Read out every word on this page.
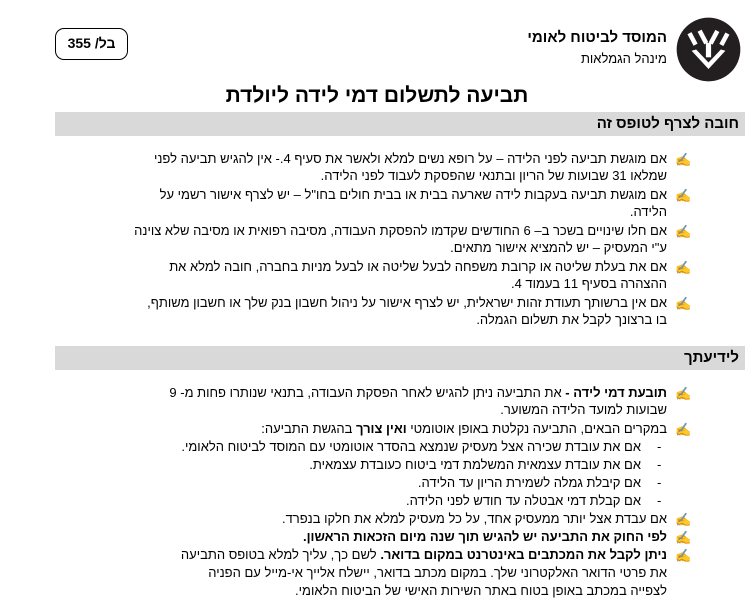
המוסד לביטוח לאומי
מינהל הגמלאות
בל/ 355
תביעה לתשלום דמי לידה ליולדת
חובה לצרף לטופס זה
✍
אם מוגשת תביעה לפני הלידה – על רופא נשים למלא ולאשר את סעיף 4.- אין להגיש תביעה לפני
שמלאו 31 שבועות של הריון ובתנאי שהפסקת לעבוד לפני הלידה.
✍
אם מוגשת תביעה בעקבות לידה שארעה בבית או בבית חולים בחו"ל – יש לצרף אישור רשמי על
הלידה.
✍
אם חלו שינויים בשכר ב– 6 החודשים שקדמו להפסקת העבודה, מסיבה רפואית או מסיבה שלא צוינה
ע"י המעסיק – יש להמציא אישור מתאים.
✍
אם את בעלת שליטה או קרובת משפחה לבעל שליטה או לבעל מניות בחברה, חובה למלא את
ההצהרה בסעיף 11 בעמוד 4.
✍
אם אין ברשותך תעודת זהות ישראלית, יש לצרף אישור על ניהול חשבון בנק שלך או חשבון משותף,
בו ברצונך לקבל את תשלום הגמלה.
לידיעתך
✍
תובעת דמי לידה - את התביעה ניתן להגיש לאחר הפסקת העבודה, בתנאי שנותרו פחות מ- 9
שבועות למועד הלידה המשוער.
✍
במקרים הבאים, התביעה נקלטת באופן אוטומטי ואין צורך בהגשת התביעה:
-
אם את עובדת שכירה אצל מעסיק שנמצא בהסדר אוטומטי עם המוסד לביטוח הלאומי.
-
אם את עובדת עצמאית המשלמת דמי ביטוח כעובדת עצמאית.
-
אם קיבלת גמלה לשמירת הריון עד הלידה.
-
אם קבלת דמי אבטלה עד חודש לפני הלידה.
✍
אם עבדת אצל יותר ממעסיק אחד, על כל מעסיק למלא את חלקו בנפרד.
✍
לפי החוק את התביעה יש להגיש תוך שנה מיום הזכאות הראשון.
✍
ניתן לקבל את המכתבים באינטרנט במקום בדואר. לשם כך, עליך למלא בטופס התביעה
את פרטי הדואר האלקטרוני שלך. במקום מכתב בדואר, יישלח אלייך אי-מייל עם הפניה
לצפייה במכתב באופן בטוח באתר השירות האישי של הביטוח הלאומי.
